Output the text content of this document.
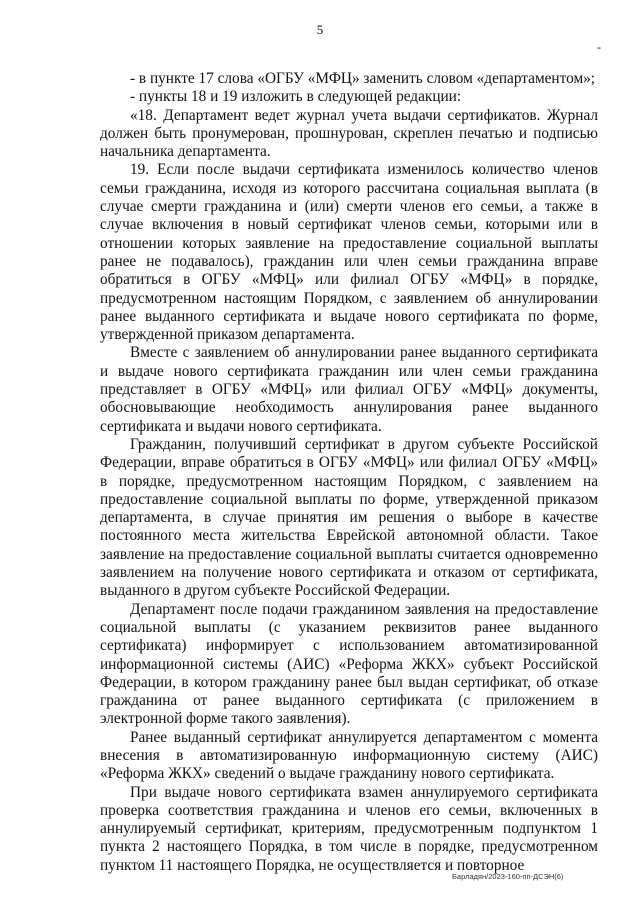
5
-

- в пункте 17 слова «ОГБУ «МФЦ» заменить словом «департаментом»;

- пункты 18 и 19 изложить в следующей редакции:

«18. Департамент ведет журнал учета выдачи сертификатов. Журнал должен быть пронумерован, прошнурован, скреплен печатью и подписью начальника департамента.

19. Если после выдачи сертификата изменилось количество членов семьи гражданина, исходя из которого рассчитана социальная выплата (в случае смерти гражданина и (или) смерти членов его семьи, а также в случае включения в новый сертификат членов семьи, которыми или в отношении которых заявление на предоставление социальной выплаты ранее не подавалось), гражданин или член семьи гражданина вправе обратиться в ОГБУ «МФЦ» или филиал ОГБУ «МФЦ» в порядке, предусмотренном настоящим Порядком, с заявлением об аннулировании ранее выданного сертификата и выдаче нового сертификата по форме, утвержденной приказом департамента.

Вместе с заявлением об аннулировании ранее выданного сертификата и выдаче нового сертификата гражданин или член семьи гражданина представляет в ОГБУ «МФЦ» или филиал ОГБУ «МФЦ» документы, обосновывающие необходимость аннулирования ранее выданного сертификата и выдачи нового сертификата.

Гражданин, получивший сертификат в другом субъекте Российской Федерации, вправе обратиться в ОГБУ «МФЦ» или филиал ОГБУ «МФЦ» в порядке, предусмотренном настоящим Порядком, с заявлением на предоставление социальной выплаты по форме, утвержденной приказом департамента, в случае принятия им решения о выборе в качестве постоянного места жительства Еврейской автономной области. Такое заявление на предоставление социальной выплаты считается одновременно заявлением на получение нового сертификата и отказом от сертификата, выданного в другом субъекте Российской Федерации.

Департамент после подачи гражданином заявления на предоставление социальной выплаты (с указанием реквизитов ранее выданного сертификата) информирует с использованием автоматизированной информационной системы (АИС) «Реформа ЖКХ» субъект Российской Федерации, в котором гражданину ранее был выдан сертификат, об отказе гражданина от ранее выданного сертификата (с приложением в электронной форме такого заявления).

Ранее выданный сертификат аннулируется департаментом с момента внесения в автоматизированную информационную систему (АИС) «Реформа ЖКХ» сведений о выдаче гражданину нового сертификата.

При выдаче нового сертификата взамен аннулируемого сертификата проверка соответствия гражданина и членов его семьи, включенных в аннулируемый сертификат, критериям, предусмотренным подпунктом 1 пункта 2 настоящего Порядка, в том числе в порядке, предусмотренном пунктом 11 настоящего Порядка, не осуществляется и повторное

Барладян/2023-160-пп-ДСЭН(6)
